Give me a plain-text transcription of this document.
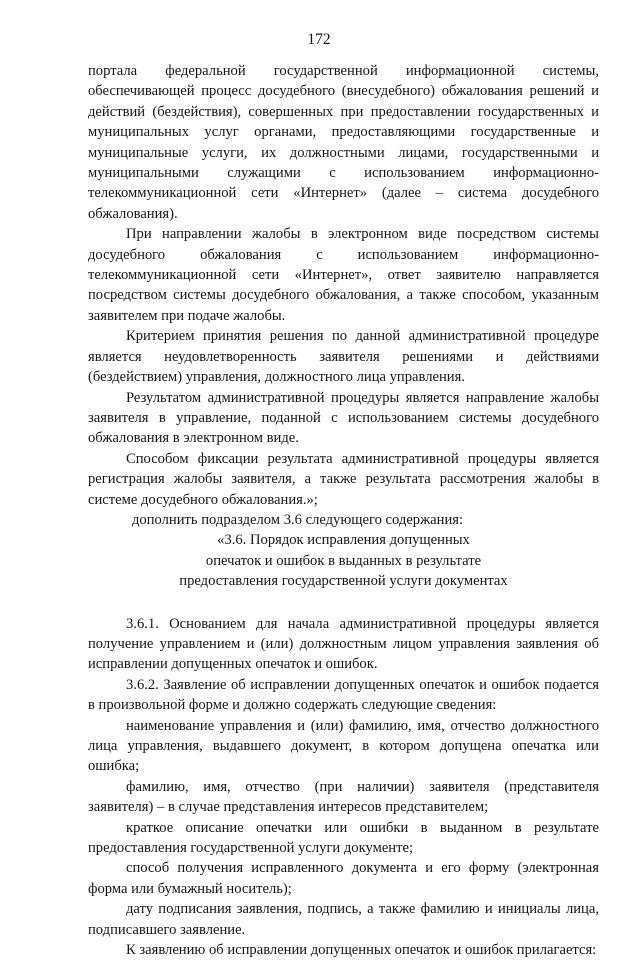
172

портала федеральной государственной информационной системы, обеспечивающей процесс досудебного (внесудебного) обжалования решений и действий (бездействия), совершенных при предоставлении государственных и муниципальных услуг органами, предоставляющими государственные и муниципальные услуги, их должностными лицами, государственными и муниципальными служащими с использованием информационно-телекоммуникационной сети «Интернет» (далее – система досудебного обжалования).

При направлении жалобы в электронном виде посредством системы досудебного обжалования с использованием информационно-телекоммуникационной сети «Интернет», ответ заявителю направляется посредством системы досудебного обжалования, а также способом, указанным заявителем при подаче жалобы.

Критерием принятия решения по данной административной процедуре является неудовлетворенность заявителя решениями и действиями (бездействием) управления, должностного лица управления.

Результатом административной процедуры является направление жалобы заявителя в управление, поданной с использованием системы досудебного обжалования в электронном виде.

Способом фиксации результата административной процедуры является регистрация жалобы заявителя, а также результата рассмотрения жалобы в системе досудебного обжалования.»;

дополнить подразделом 3.6 следующего содержания:

«3.6. Порядок исправления допущенных
опечаток и ошибок в выданных в результате
предоставления государственной услуги документах

3.6.1. Основанием для начала административной процедуры является получение управлением и (или) должностным лицом управления заявления об исправлении допущенных опечаток и ошибок.

3.6.2. Заявление об исправлении допущенных опечаток и ошибок подается в произвольной форме и должно содержать следующие сведения:

наименование управления и (или) фамилию, имя, отчество должностного лица управления, выдавшего документ, в котором допущена опечатка или ошибка;

фамилию, имя, отчество (при наличии) заявителя (представителя заявителя) – в случае представления интересов представителем;

краткое описание опечатки или ошибки в выданном в результате предоставления государственной услуги документе;

способ получения исправленного документа и его форму (электронная форма или бумажный носитель);

дату подписания заявления, подпись, а также фамилию и инициалы лица, подписавшего заявление.

К заявлению об исправлении допущенных опечаток и ошибок прилагается:
